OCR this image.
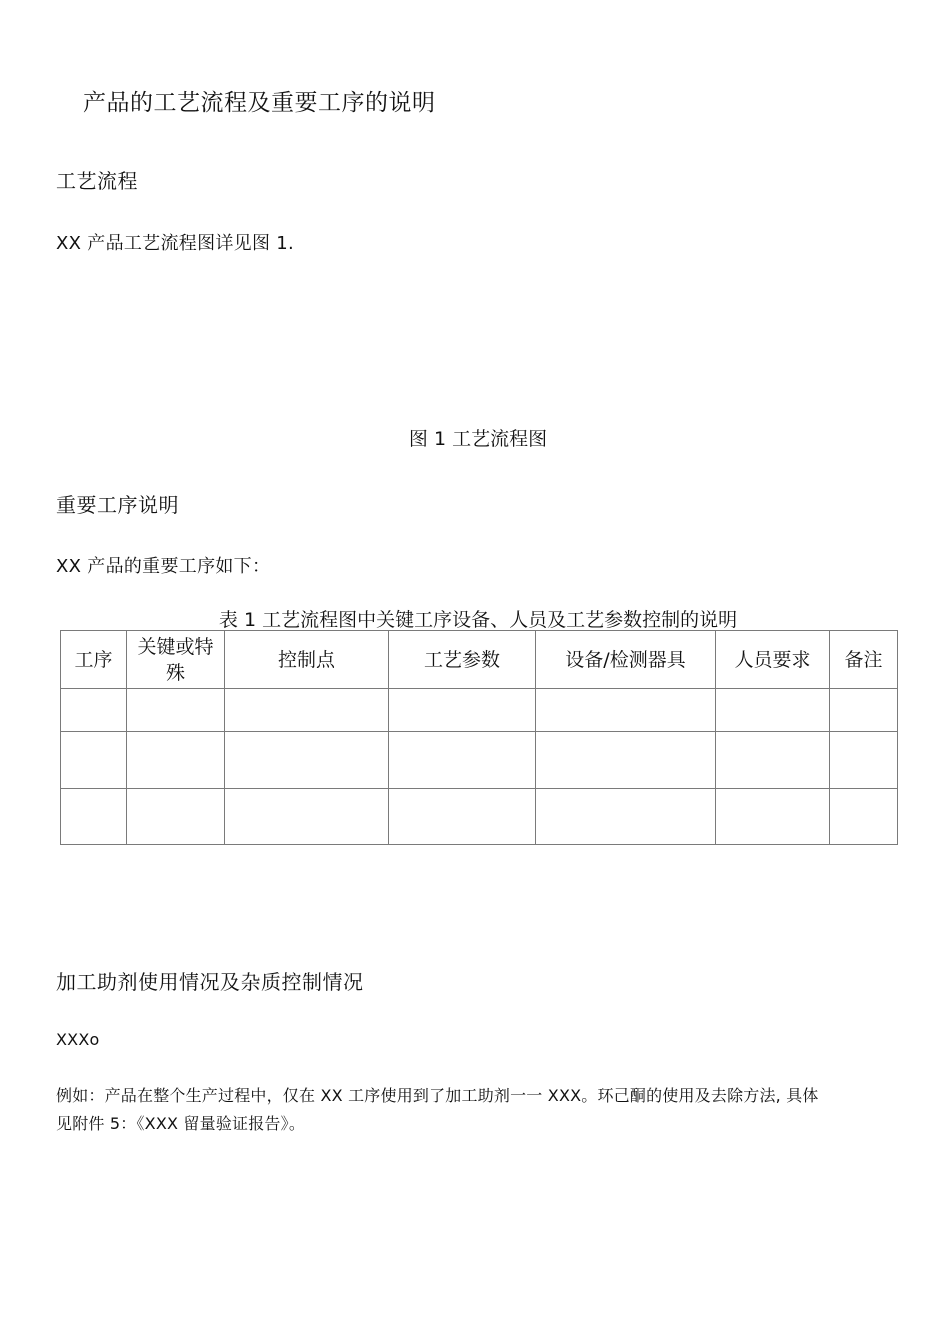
产品的工艺流程及重要工序的说明
工艺流程
XX 产品工艺流程图详见图 1.
图 1 工艺流程图
重要工序说明
XX 产品的重要工序如下：
表 1 工艺流程图中关键工序设备、人员及工艺参数控制的说明
工序	关键或特殊	控制点	工艺参数	设备/检测器具	人员要求	备注

加工助剂使用情况及杂质控制情况
XXXo
例如：产品在整个生产过程中，仅在 XX 工序使用到了加工助剂一一 XXX。环己酮的使用及去除方法, 具体
见附件 5：《XXX 留量验证报告》。
